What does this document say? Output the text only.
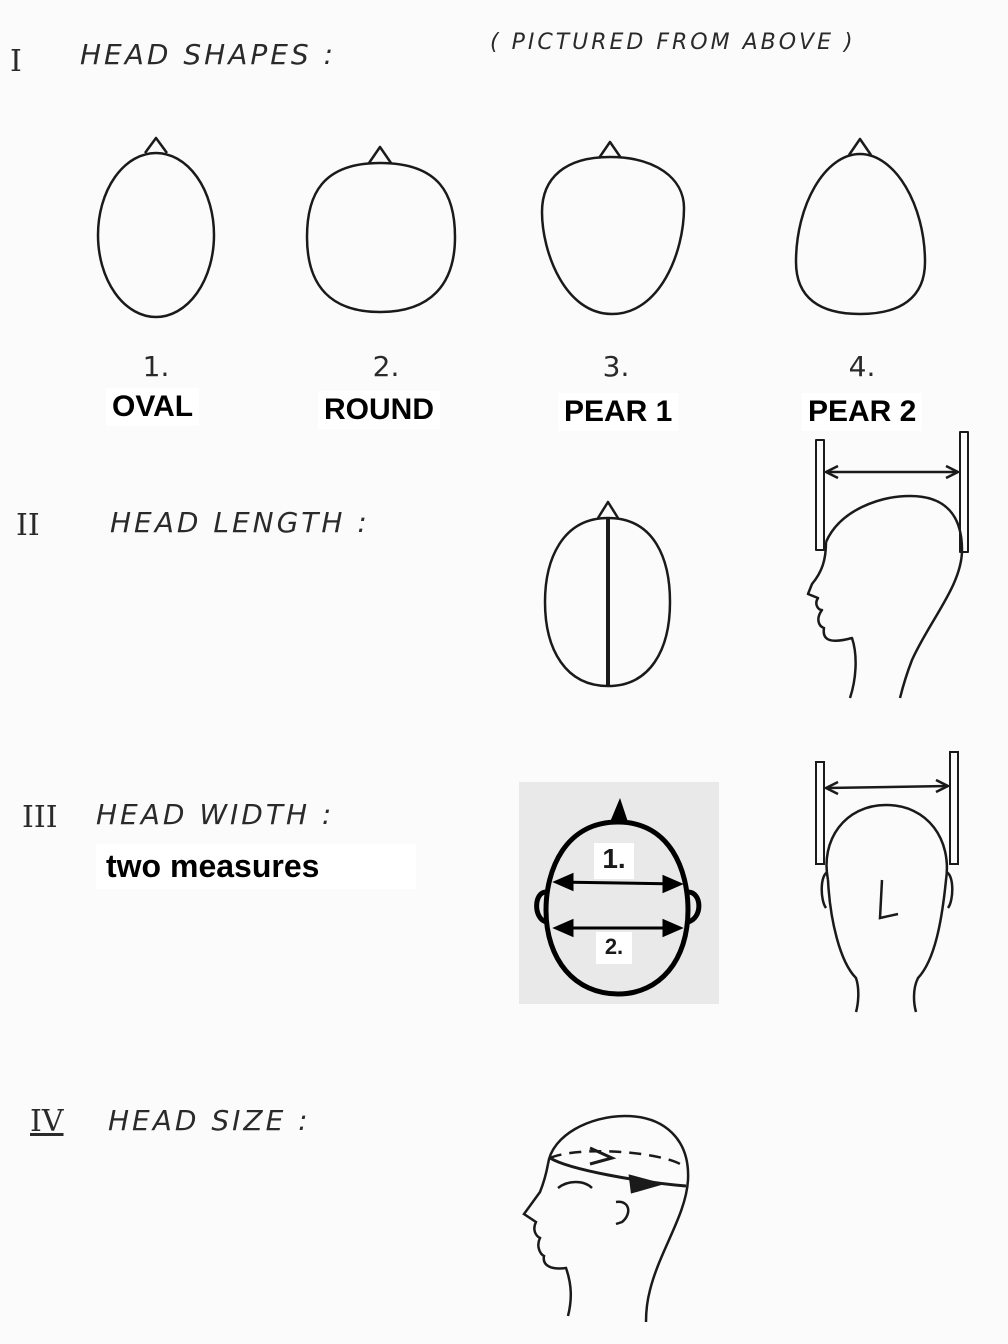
I HEAD SHAPES :	( PICTURED FROM ABOVE )
1.	2.	3.	4.
OVAL	ROUND	PEAR 1	PEAR 2
II	HEAD LENGTH :
III HEAD WIDTH :
two measures	1.
2.
IV HEAD SIZE :
